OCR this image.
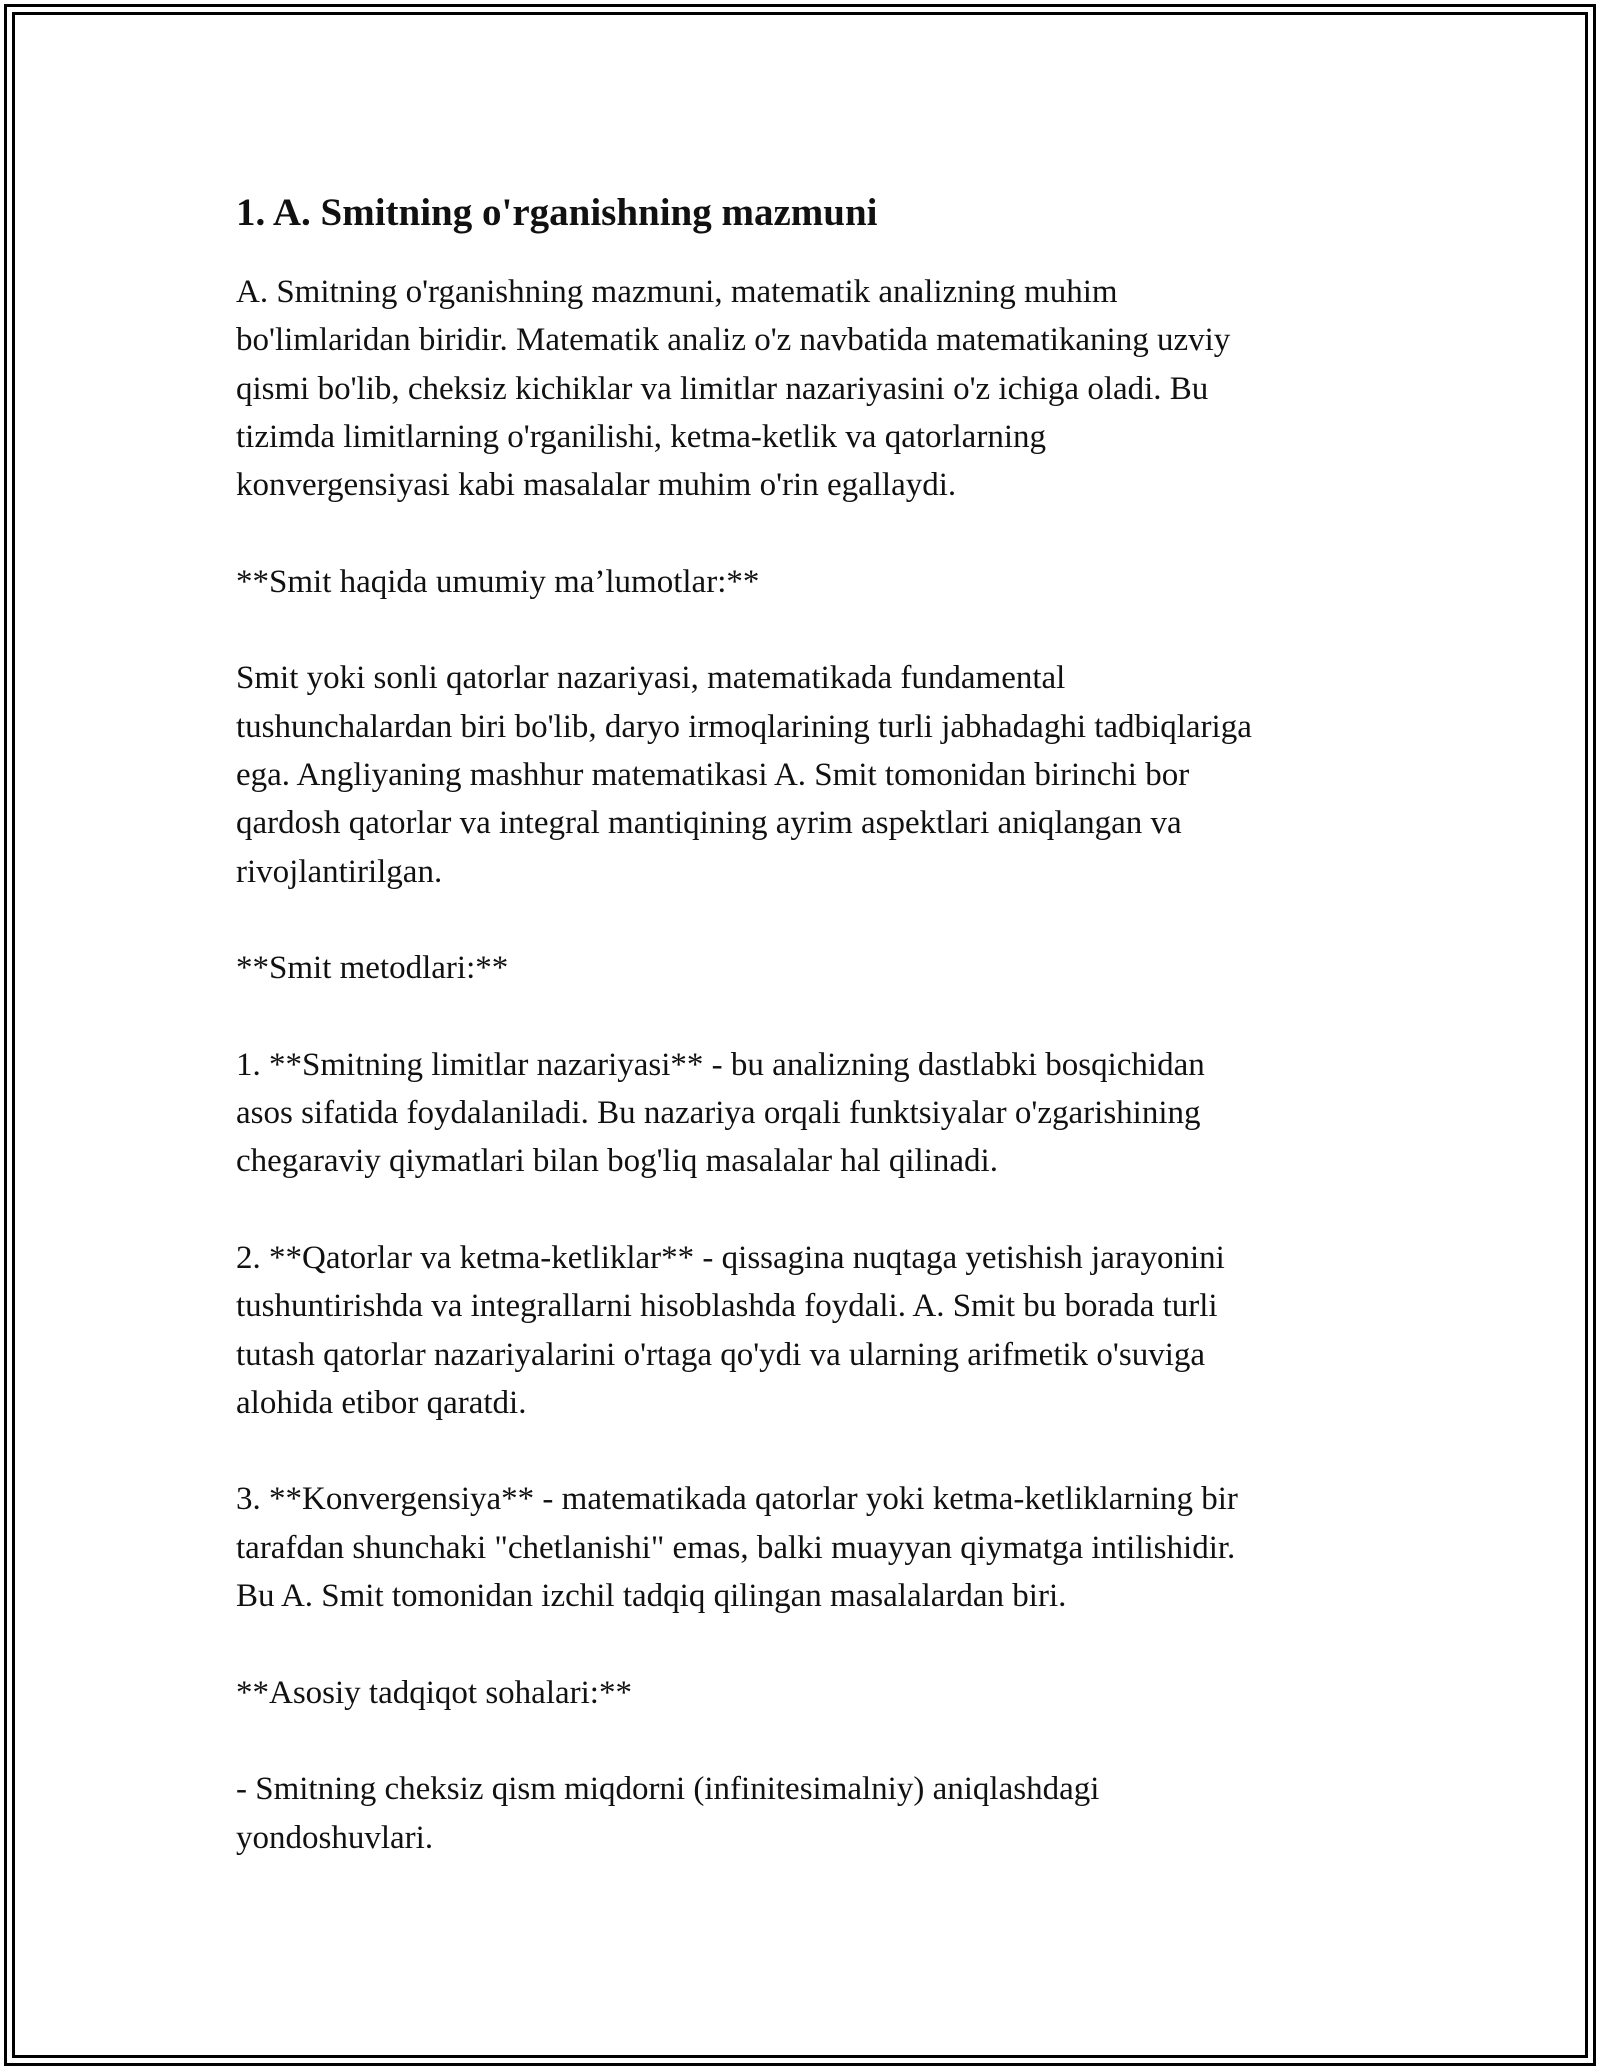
1. A. Smitning o'rganishning mazmuni
A. Smitning o'rganishning mazmuni, matematik analizning muhim
bo'limlaridan biridir. Matematik analiz o'z navbatida matematikaning uzviy
qismi bo'lib, cheksiz kichiklar va limitlar nazariyasini o'z ichiga oladi. Bu
tizimda limitlarning o'rganilishi, ketma-ketlik va qatorlarning
konvergensiyasi kabi masalalar muhim o'rin egallaydi.
**Smit haqida umumiy ma’lumotlar:**
Smit yoki sonli qatorlar nazariyasi, matematikada fundamental
tushunchalardan biri bo'lib, daryo irmoqlarining turli jabhadaghi tadbiqlariga
ega. Angliyaning mashhur matematikasi A. Smit tomonidan birinchi bor
qardosh qatorlar va integral mantiqining ayrim aspektlari aniqlangan va
rivojlantirilgan.
**Smit metodlari:**
1. **Smitning limitlar nazariyasi** - bu analizning dastlabki bosqichidan
asos sifatida foydalaniladi. Bu nazariya orqali funktsiyalar o'zgarishining
chegaraviy qiymatlari bilan bog'liq masalalar hal qilinadi.
2. **Qatorlar va ketma-ketliklar** - qissagina nuqtaga yetishish jarayonini
tushuntirishda va integrallarni hisoblashda foydali. A. Smit bu borada turli
tutash qatorlar nazariyalarini o'rtaga qo'ydi va ularning arifmetik o'suviga
alohida etibor qaratdi.
3. **Konvergensiya** - matematikada qatorlar yoki ketma-ketliklarning bir
tarafdan shunchaki "chetlanishi" emas, balki muayyan qiymatga intilishidir.
Bu A. Smit tomonidan izchil tadqiq qilingan masalalardan biri.
**Asosiy tadqiqot sohalari:**
- Smitning cheksiz qism miqdorni (infinitesimalniy) aniqlashdagi
yondoshuvlari.
